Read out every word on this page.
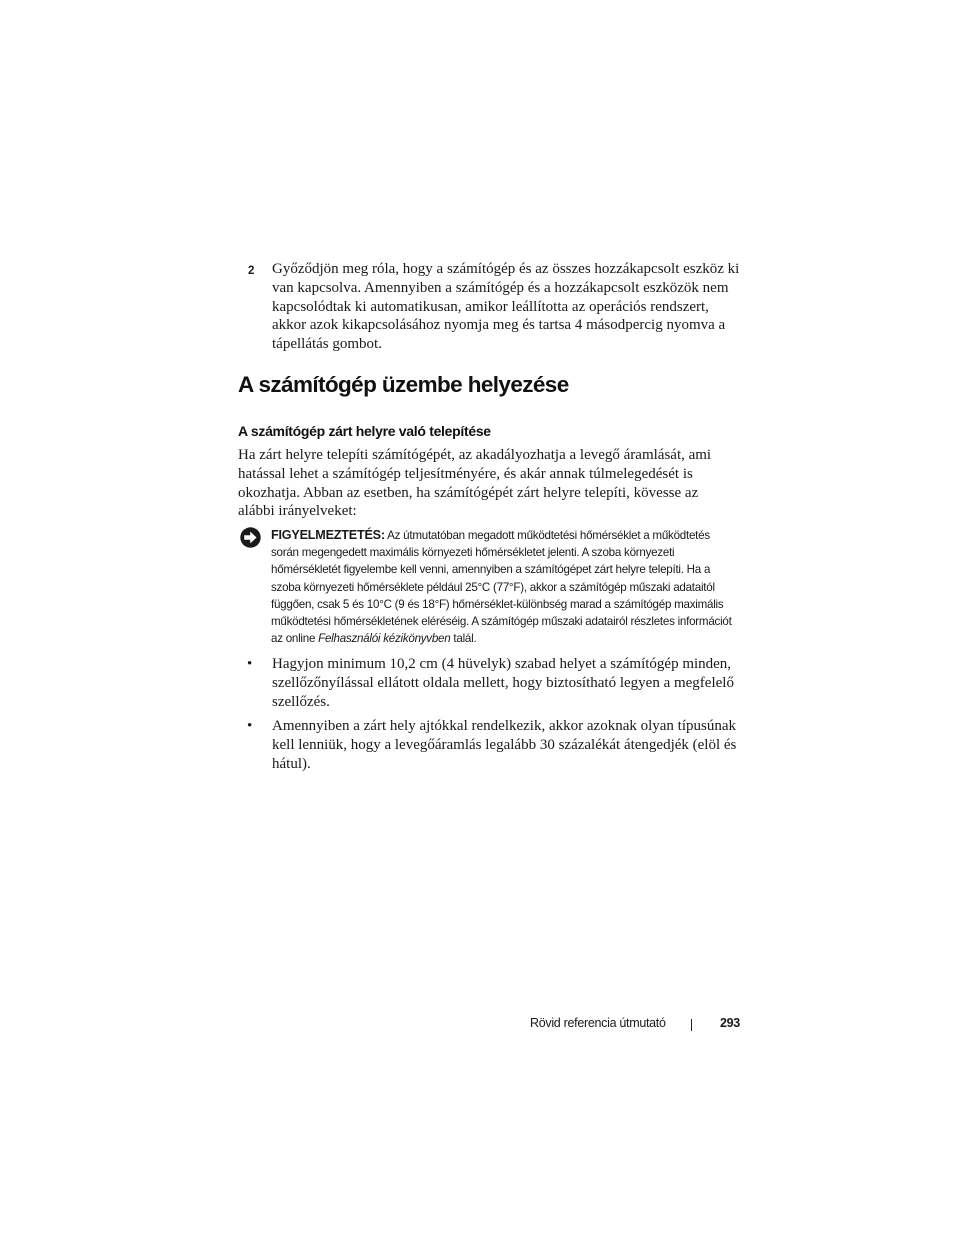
2 Győződjön meg róla, hogy a számítógép és az összes hozzákapcsolt eszköz ki van kapcsolva. Amennyiben a számítógép és a hozzákapcsolt eszközök nem kapcsolódtak ki automatikusan, amikor leállította az operációs rendszert, akkor azok kikapcsolásához nyomja meg és tartsa 4 másodpercig nyomva a tápellátás gombot.
A számítógép üzembe helyezése
A számítógép zárt helyre való telepítése

Ha zárt helyre telepíti számítógépét, az akadályozhatja a levegő áramlását, ami hatással lehet a számítógép teljesítményére, és akár annak túlmelegedését is okozhatja. Abban az esetben, ha számítógépét zárt helyre telepíti, kövesse az alábbi irányelveket:

FIGYELMEZTETÉS: Az útmutatóban megadott működtetési hőmérséklet a működtetés során megengedett maximális környezeti hőmérsékletet jelenti. A szoba környezeti hőmérsékletét figyelembe kell venni, amennyiben a számítógépet zárt helyre telepíti. Ha a szoba környezeti hőmérséklete például 25°C (77°F), akkor a számítógép műszaki adataitól függően, csak 5 és 10°C (9 és 18°F) hőmérséklet-különbség marad a számítógép maximális működtetési hőmérsékletének eléréséig. A számítógép műszaki adatairól részletes információt az online Felhasználói kézikönyvben talál.
• Hagyjon minimum 10,2 cm (4 hüvelyk) szabad helyet a számítógép minden, szellőzőnyílással ellátott oldala mellett, hogy biztosítható legyen a megfelelő szellőzés.
• Amennyiben a zárt hely ajtókkal rendelkezik, akkor azoknak olyan típusúnak kell lenniük, hogy a levegőáramlás legalább 30 százalékát átengedjék (elöl és hátul).
Rövid referencia útmutató	293
